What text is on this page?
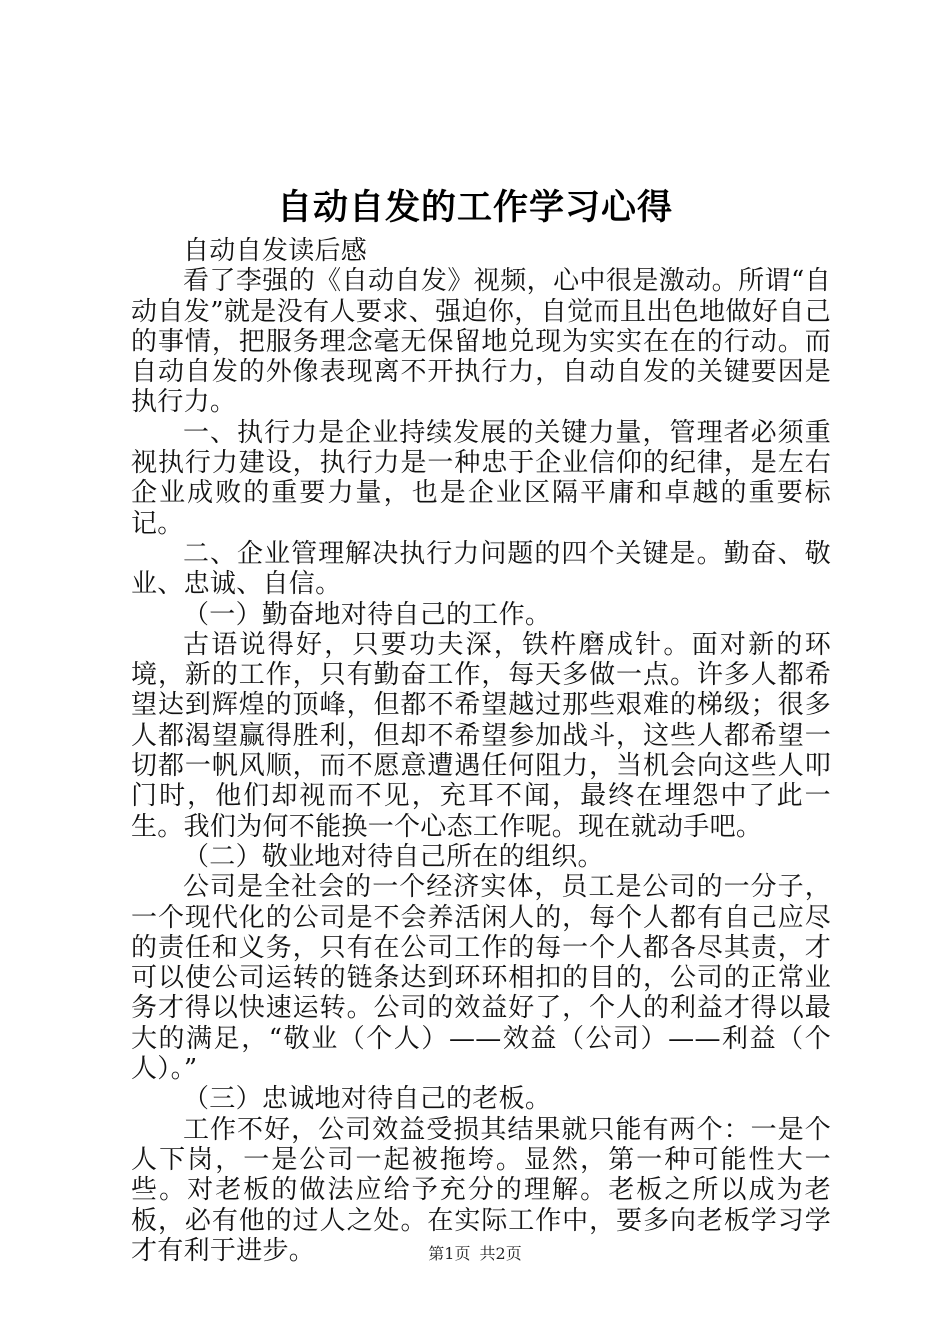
自动自发的工作学习心得

自动自发读后感

看了李强的《自动自发》视频，心中很是激动。所谓“自动自发”就是没有人要求、强迫你，自觉而且出色地做好自己的事情，把服务理念毫无保留地兑现为实实在在的行动。而自动自发的外像表现离不开执行力，自动自发的关键要因是执行力。

一、执行力是企业持续发展的关键力量，管理者必须重视执行力建设，执行力是一种忠于企业信仰的纪律，是左右企业成败的重要力量，也是企业区隔平庸和卓越的重要标记。

二、企业管理解决执行力问题的四个关键是。勤奋、敬业、忠诚、自信。

（一）勤奋地对待自己的工作。

古语说得好，只要功夫深，铁杵磨成针。面对新的环境，新的工作，只有勤奋工作，每天多做一点。许多人都希望达到辉煌的顶峰，但都不希望越过那些艰难的梯级；很多人都渴望赢得胜利，但却不希望参加战斗，这些人都希望一切都一帆风顺，而不愿意遭遇任何阻力，当机会向这些人叩门时，他们却视而不见，充耳不闻，最终在埋怨中了此一生。我们为何不能换一个心态工作呢。现在就动手吧。

（二）敬业地对待自己所在的组织。

公司是全社会的一个经济实体，员工是公司的一分子，一个现代化的公司是不会养活闲人的，每个人都有自己应尽的责任和义务，只有在公司工作的每一个人都各尽其责，才可以使公司运转的链条达到环环相扣的目的，公司的正常业务才得以快速运转。公司的效益好了，个人的利益才得以最大的满足，“敬业（个人）——效益（公司）——利益（个人）。”

（三）忠诚地对待自己的老板。

工作不好，公司效益受损其结果就只能有两个：一是个人下岗，一是公司一起被拖垮。显然，第一种可能性大一些。对老板的做法应给予充分的理解。老板之所以成为老板，必有他的过人之处。在实际工作中，要多向老板学习学才有利于进步。	第1页 共2页
